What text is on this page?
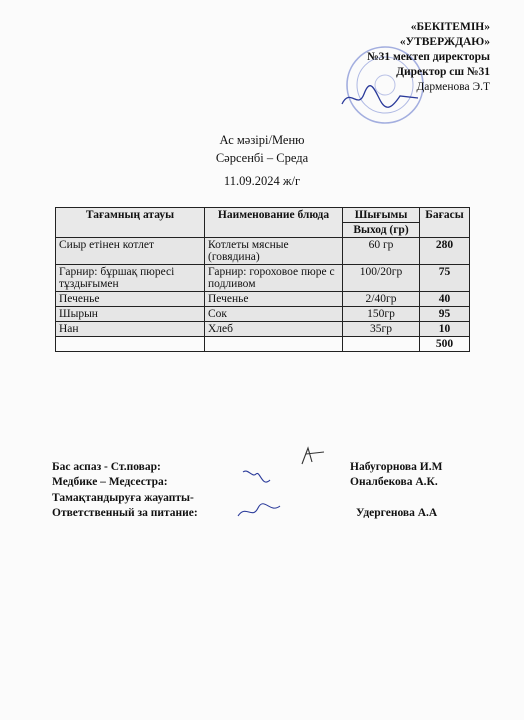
«БЕКІТЕМІН»
«УТВЕРЖДАЮ»
№31 мектеп директоры
Директор сш №31
Дарменова Э.Т
Ас мәзірі/Меню
Сәрсенбі – Среда
11.09.2024 ж/г
Тағамның атауы	Наименование блюда	Шығымы	Бағасы
		Выход (гр)	
Сиыр етінен котлет	Котлеты мясные (говядина)	60 гр	280
Гарнир: бұршақ пюресі тұздығымен	Гарнир: гороховое пюре с подливом	100/20гр	75
Печенье	Печенье	2/40гр	40
Шырын	Сок	150гр	95
Нан	Хлеб	35гр	10
			500
Бас аспаз - Ст.повар:	Набугорнова И.М
Медбике – Медсестра:	Оналбекова А.К.
Тамақтандыруға жауапты-
Ответственный за питание:	Удергенова А.А
